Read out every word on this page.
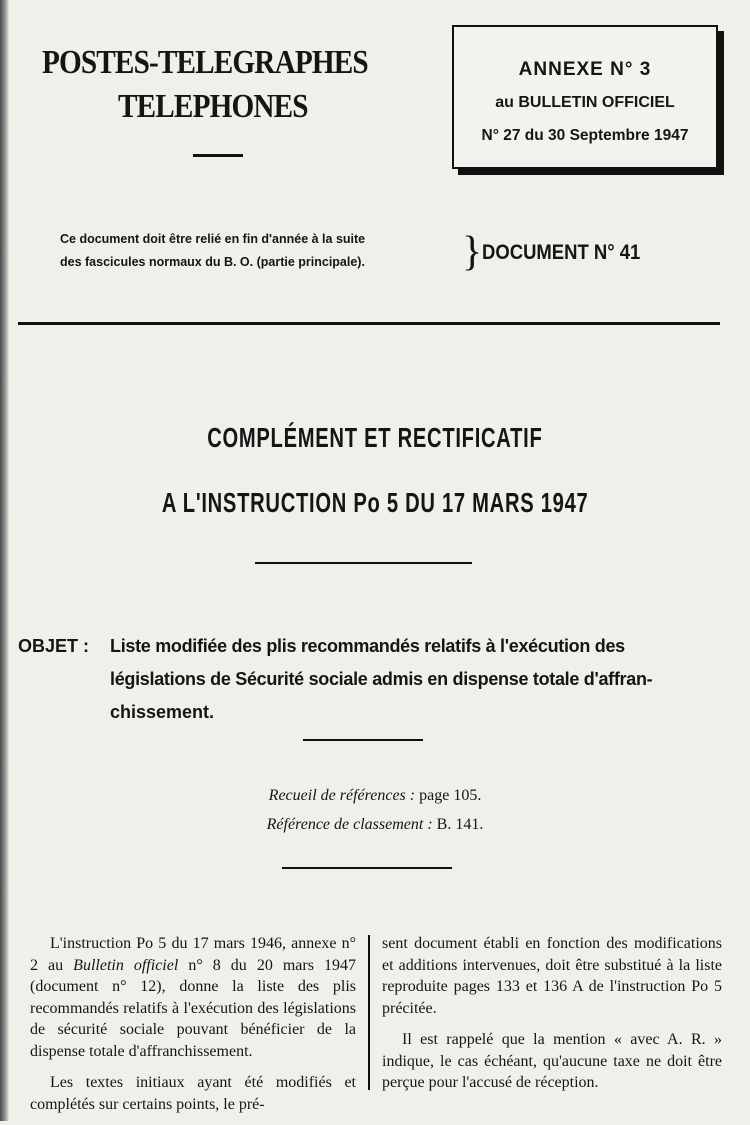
POSTES-TELEGRAPHES
TELEPHONES
ANNEXE N° 3
au BULLETIN OFFICIEL
N° 27 du 30 Septembre 1947
Ce document doit être relié en fin d'année à la suite
des fascicules normaux du B. O. (partie principale). } DOCUMENT N° 41
COMPLÉMENT ET RECTIFICATIF
A L'INSTRUCTION Po 5 DU 17 MARS 1947
OBJET : Liste modifiée des plis recommandés relatifs à l'exécution des
législations de Sécurité sociale admis en dispense totale d'affran-
chissement.
Recueil de références : page 105.
Référence de classement : B. 141.

L'instruction Po 5 du 17 mars 1946, annexe n° 2 au Bulletin officiel n° 8 du 20 mars 1947 (document n° 12), donne la liste des plis recommandés relatifs à l'exécution des législations de sécurité sociale pouvant bénéficier de la dispense totale d'affranchissement.

Les textes initiaux ayant été modifiés et complétés sur certains points, le pré-

sent document établi en fonction des modifications et additions intervenues, doit être substitué à la liste reproduite pages 133 et 136 A de l'instruction Po 5 précitée.

Il est rappelé que la mention « avec A. R. » indique, le cas échéant, qu'aucune taxe ne doit être perçue pour l'accusé de réception.
